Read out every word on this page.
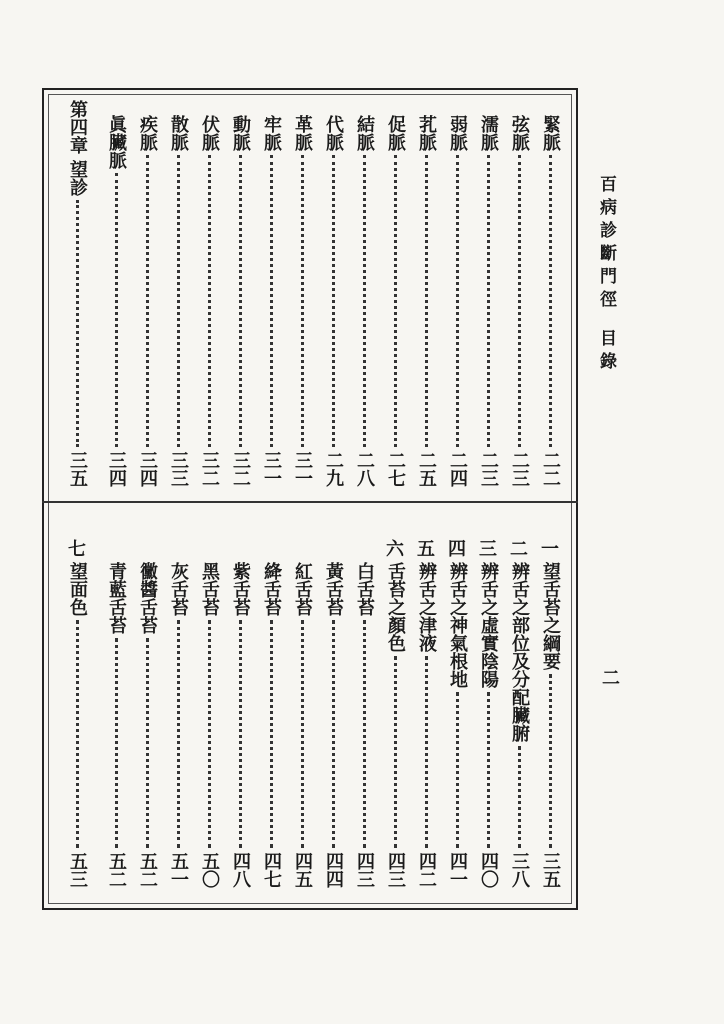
百病診斷門徑
目錄
二
緊脈
二二
弦脈
二三
濡脈
二三
弱脈
二四
芤脈
二五
促脈
二七
結脈
二八
代脈
二九
革脈
三一
牢脈
三一
動脈
三二
伏脈
三二
散脈
三三
疾脈
三四
眞臟脈
三四
第四章 望診
三五
一
望舌苔之綱要
三五
二
辨舌之部位及分配臟腑
三八
三
辨舌之虛實陰陽
四〇
四
辨舌之神氣根地
四一
五
辨舌之津液
四二
六
舌苔之顏色
四三
白舌苔
四三
黃舌苔
四四
紅舌苔
四五
絳舌苔
四七
紫舌苔
四八
黑舌苔
五〇
灰舌苔
五一
黴醬舌苔
五二
青藍舌苔
五二
七
望面色
五三
